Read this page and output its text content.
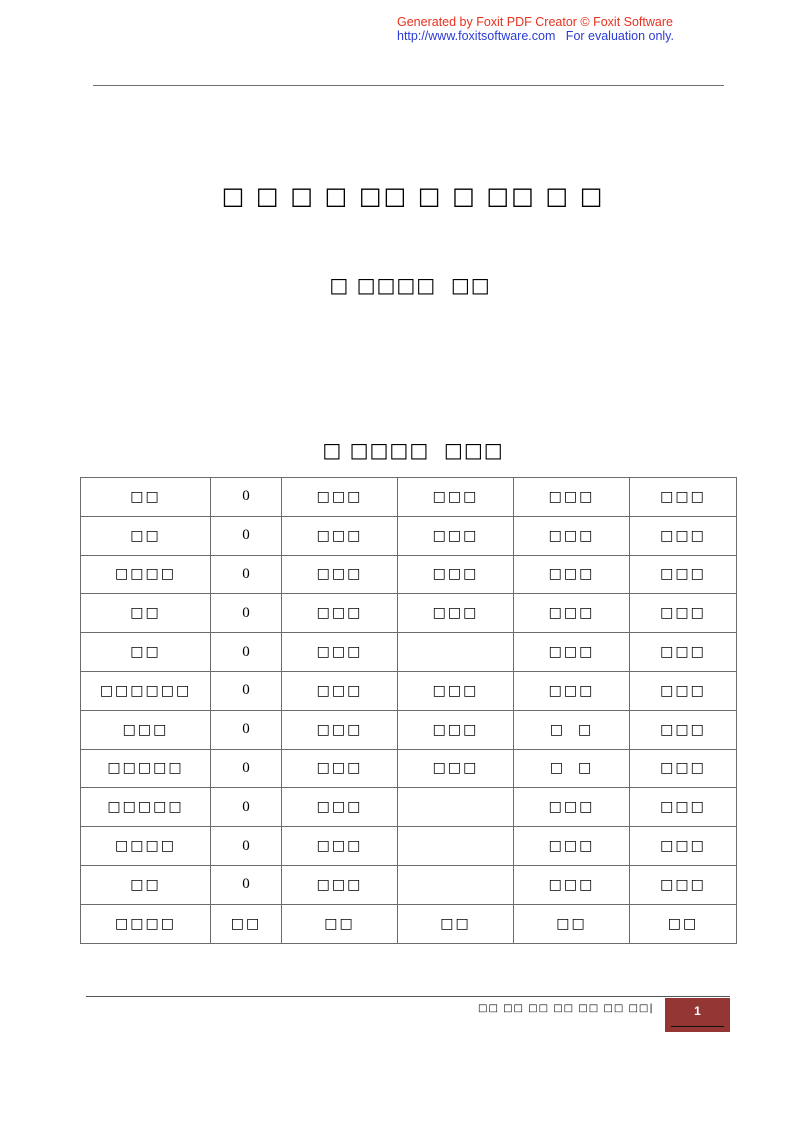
Generated by Foxit PDF Creator © Foxit Software
http://www.foxitsoftware.com   For evaluation only.
□ □ □ □ □□ □ □ □□ □ □
□ □□□□  □□
□ □□□□  □□□
□□	0	□□□	□□□	□□□	□□□
□□	0	□□□	□□□	□□□	□□□
□□□□	0	□□□	□□□	□□□	□□□
□□	0	□□□	□□□	□□□	□□□
□□	0	□□□		□□□	□□□
□□□□□□	0	□□□	□□□	□□□	□□□
□□□	0	□□□	□□□	□  □	□□□
□□□□□	0	□□□	□□□	□  □	□□□
□□□□□	0	□□□		□□□	□□□
□□□□	0	□□□		□□□	□□□
□□	0	□□□		□□□	□□□
□□□□	□□	□□	□□	□□	□□
□□ □□ □□ □□ □□ □□ □□|	1
